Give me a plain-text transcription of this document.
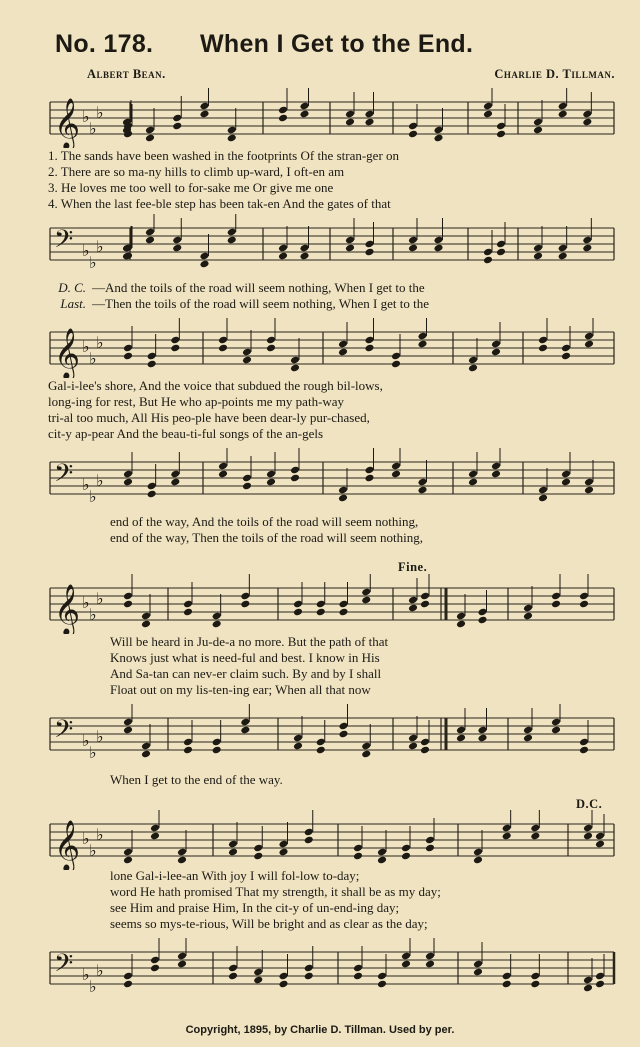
No. 178. When I Get to the End.
Albert Bean.	Charlie D. Tillman.
𝄞 ♭
♭
♭
1. The sands have been washed in the footprints Of the stran-ger on
2. There are so ma-ny hills to climb up-ward, I oft-en am
3. He loves me too well to for-sake me Or give me one
4. When the last fee-ble step has been tak-en And the gates of that
𝄢 ♭
♭
♭
D. C. —And the toils of the road will seem nothing, When I get to the
Last. —Then the toils of the road will seem nothing, When I get to the
𝄞 ♭
♭
♭
Gal-i-lee's shore, And the voice that subdued the rough bil-lows,
long-ing for rest, But He who ap-points me my path-way
tri-al too much, All His peo-ple have been dear-ly pur-chased,
cit-y ap-pear And the beau-ti-ful songs of the an-gels
𝄢 ♭
♭
♭
end of the way, And the toils of the road will seem nothing,
end of the way, Then the toils of the road will seem nothing,
Fine.
𝄞 ♭
♭
♭
Will be heard in Ju-de-a no more. But the path of that
Knows just what is need-ful and best. I know in His
And Sa-tan can nev-er claim such. By and by I shall
Float out on my lis-ten-ing ear; When all that now
𝄢 ♭
♭
♭
When I get to the end of the way.
D.C.
𝄞 ♭
♭
♭
lone Gal-i-lee-an With joy I will fol-low to-day;
word He hath promised That my strength, it shall be as my day;
see Him and praise Him, In the cit-y of un-end-ing day;
seems so mys-te-rious, Will be bright and as clear as the day;
𝄢 ♭
♭
♭
Copyright, 1895, by Charlie D. Tillman. Used by per.
